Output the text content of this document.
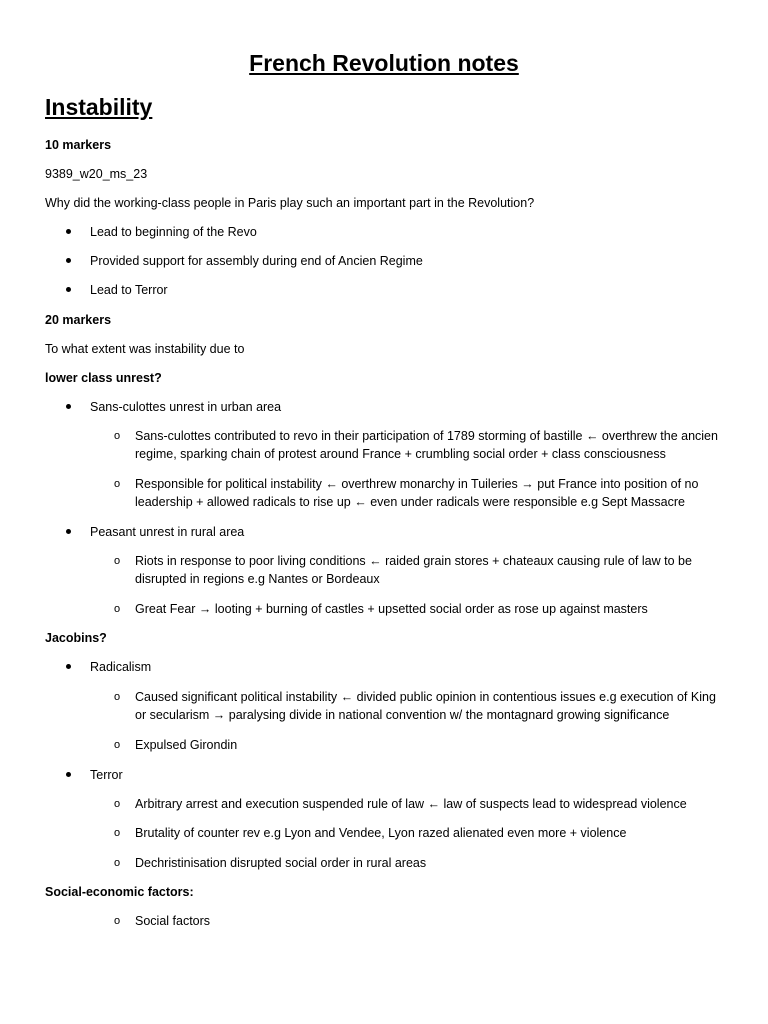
French Revolution notes
Instability
10 markers
9389_w20_ms_23
Why did the working-class people in Paris play such an important part in the Revolution?
Lead to beginning of the Revo
Provided support for assembly during end of Ancien Regime
Lead to Terror
20 markers
To what extent was instability due to
lower class unrest?
Sans-culottes unrest in urban area
o Sans-culottes contributed to revo in their participation of 1789 storming of bastille ← overthrew the ancien regime, sparking chain of protest around France + crumbling social order + class consciousness
o Responsible for political instability ← overthrew monarchy in Tuileries → put France into position of no leadership + allowed radicals to rise up ← even under radicals were responsible e.g Sept Massacre
Peasant unrest in rural area
o Riots in response to poor living conditions ← raided grain stores + chateaux causing rule of law to be disrupted in regions e.g Nantes or Bordeaux
o Great Fear → looting + burning of castles + upsetted social order as rose up against masters
Jacobins?
Radicalism
o Caused significant political instability ← divided public opinion in contentious issues e.g execution of King or secularism → paralysing divide in national convention w/ the montagnard growing significance
o Expulsed Girondin
Terror
o Arbitrary arrest and execution suspended rule of law ← law of suspects lead to widespread violence
o Brutality of counter rev e.g Lyon and Vendee, Lyon razed alienated even more + violence
o Dechristinisation disrupted social order in rural areas
Social-economic factors:
o Social factors
